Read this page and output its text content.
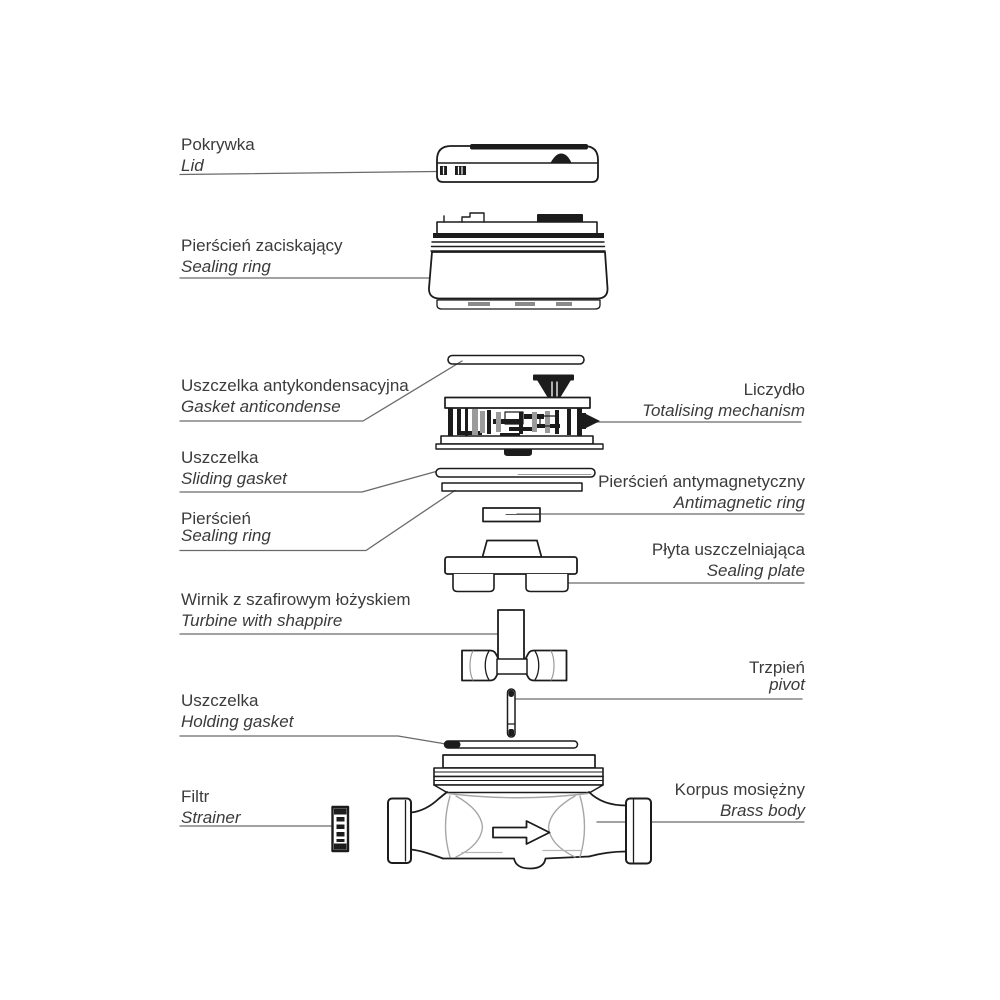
Pokrywka
Lid
Pierścień zaciskający
Sealing ring
Uszczelka antykondensacyjna
Gasket anticondense
Liczydło
Totalising mechanism
Uszczelka
Sliding gasket	Pierścień antymagnetyczny
Antimagnetic ring
Pierścień
Sealing ring
Płyta uszczelniająca
Sealing plate
Wirnik z szafirowym łożyskiem
Turbine with shappire
Trzpień
pivot
Uszczelka
Holding gasket
Korpus mosiężny
Brass body
Filtr
Strainer
